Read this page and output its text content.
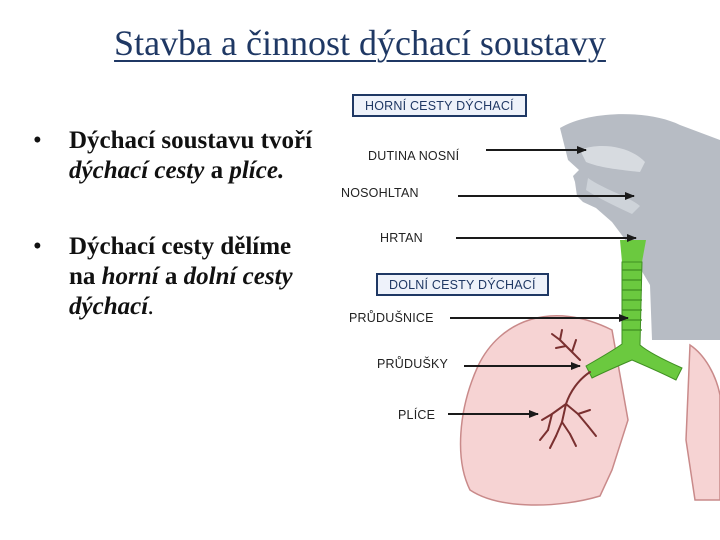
Stavba a činnost dýchací soustavy
• Dýchací soustavu tvoří
dýchací cesty a plíce.
• Dýchací cesty dělíme
na horní a dolní cesty
dýchací.
HORNÍ CESTY DÝCHACÍ
DUTINA NOSNÍ
NOSOHLTAN
HRTAN
DOLNÍ CESTY DÝCHACÍ
PRŮDUŠNICE
PRŮDUŠKY
PLÍCE
